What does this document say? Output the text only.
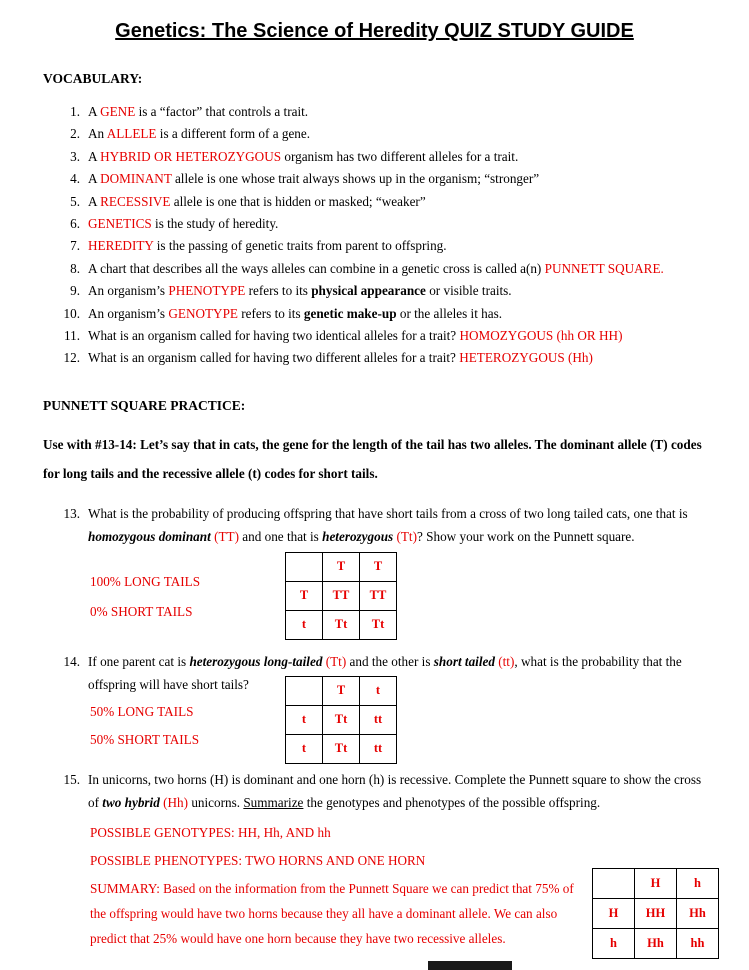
Genetics: The Science of Heredity QUIZ STUDY GUIDE
VOCABULARY:
1. A GENE is a “factor” that controls a trait.
2. An ALLELE is a different form of a gene.
3. A HYBRID OR HETEROZYGOUS organism has two different alleles for a trait.
4. A DOMINANT allele is one whose trait always shows up in the organism; “stronger”
5. A RECESSIVE allele is one that is hidden or masked; “weaker”
6. GENETICS is the study of heredity.
7. HEREDITY is the passing of genetic traits from parent to offspring.
8. A chart that describes all the ways alleles can combine in a genetic cross is called a(n) PUNNETT SQUARE.
9. An organism’s PHENOTYPE refers to its physical appearance or visible traits.
10. An organism’s GENOTYPE refers to its genetic make-up or the alleles it has.
11. What is an organism called for having two identical alleles for a trait? HOMOZYGOUS (hh OR HH)
12. What is an organism called for having two different alleles for a trait? HETEROZYGOUS (Hh)
PUNNETT SQUARE PRACTICE:
Use with #13-14: Let’s say that in cats, the gene for the length of the tail has two alleles. The dominant allele (T) codes for long tails and the recessive allele (t) codes for short tails.
13. What is the probability of producing offspring that have short tails from a cross of two long tailed cats, one that is homozygous dominant (TT) and one that is heterozygous (Tt)? Show your work on the Punnett square.
100% LONG TAILS
0% SHORT TAILS
	T	T
T	TT	TT
t	Tt	Tt
14. If one parent cat is heterozygous long-tailed (Tt) and the other is short tailed (tt), what is the probability that the offspring will have short tails?
50% LONG TAILS
50% SHORT TAILS
	T	t
t	Tt	tt
t	Tt	tt
15. In unicorns, two horns (H) is dominant and one horn (h) is recessive. Complete the Punnett square to show the cross of two hybrid (Hh) unicorns. Summarize the genotypes and phenotypes of the possible offspring.
POSSIBLE GENOTYPES: HH, Hh, AND hh
POSSIBLE PHENOTYPES: TWO HORNS AND ONE HORN
SUMMARY: Based on the information from the Punnett Square we can predict that 75% of the offspring would have two horns because they all have a dominant allele. We can also predict that 25% would have one horn because they have two recessive alleles.
	H	h
H	HH	Hh
h	Hh	hh
